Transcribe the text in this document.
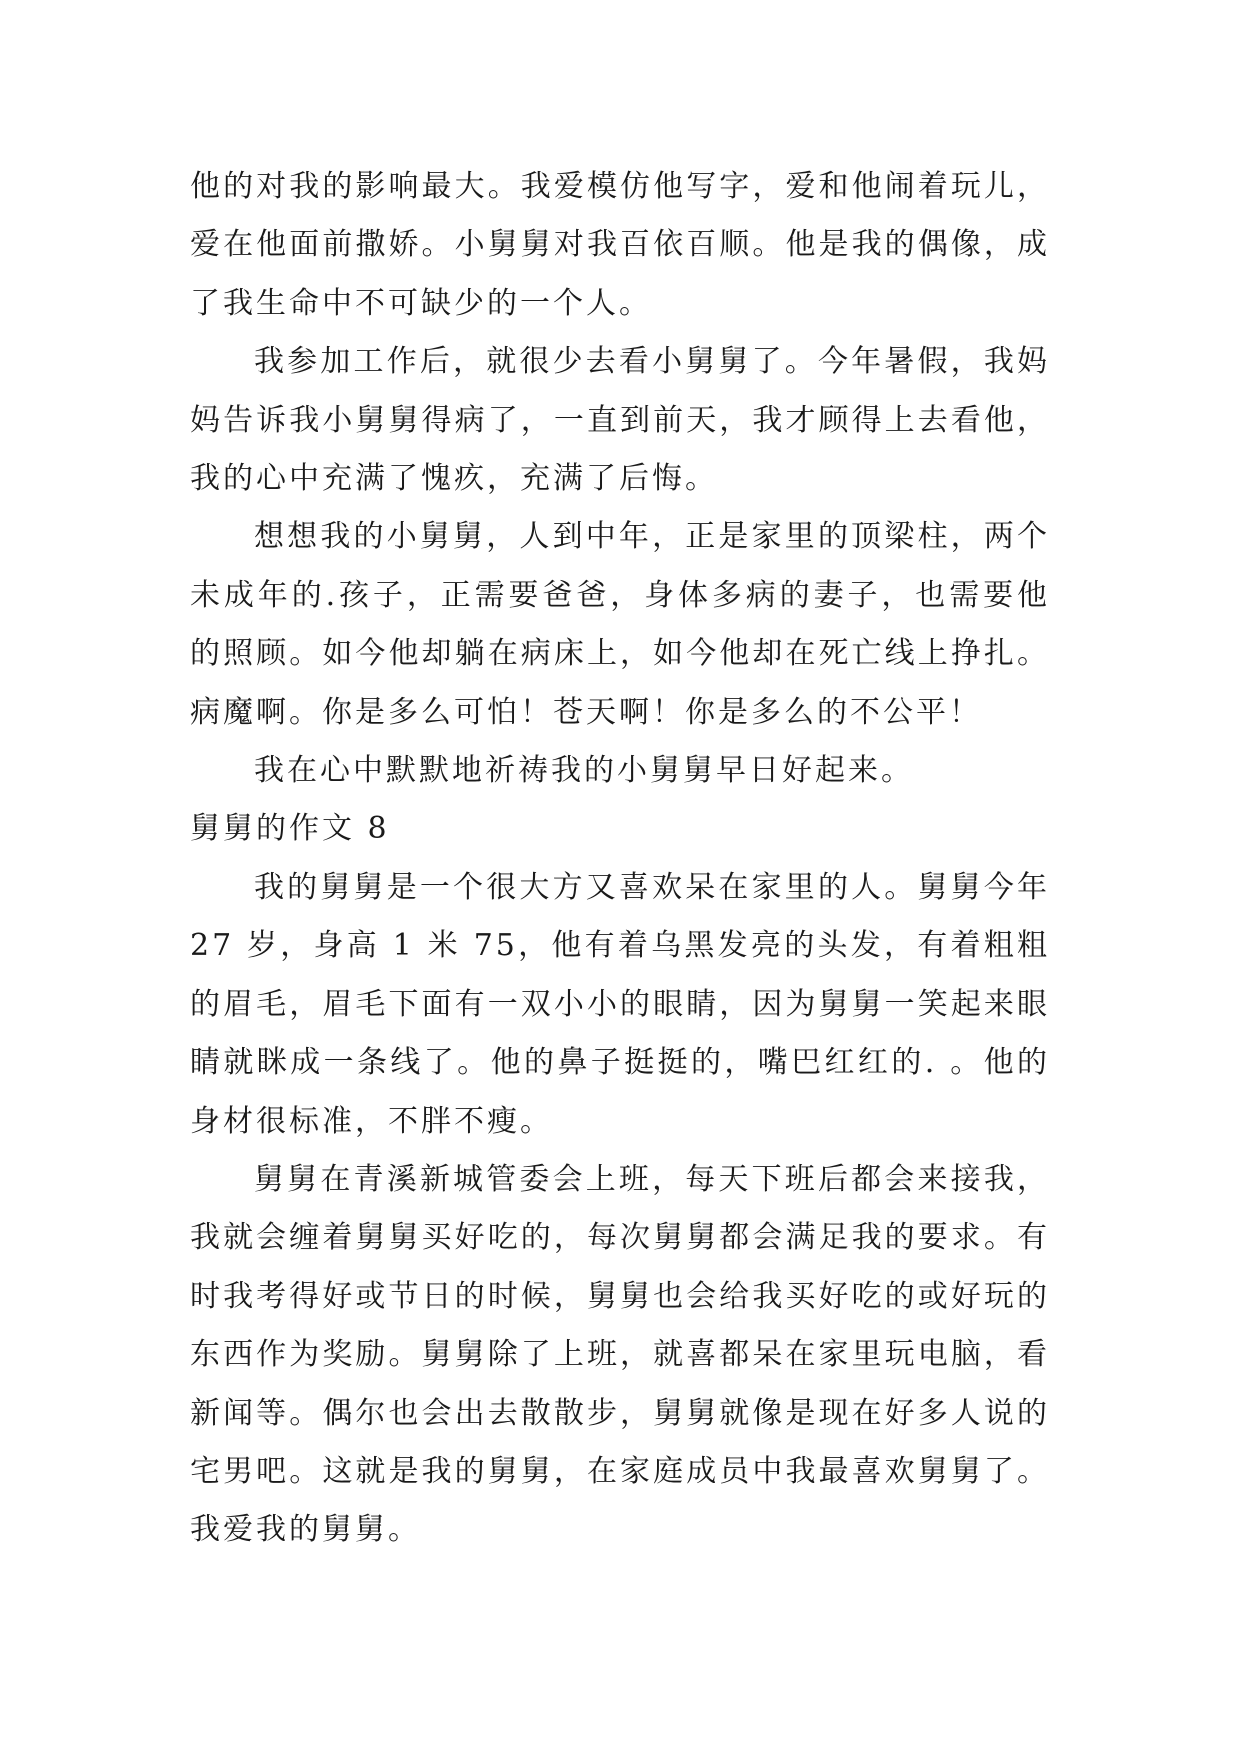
他的对我的影响最大。我爱模仿他写字，爱和他闹着玩儿，爱在他面前撒娇。小舅舅对我百依百顺。他是我的偶像，成了我生命中不可缺少的一个人。

我参加工作后，就很少去看小舅舅了。今年暑假，我妈妈告诉我小舅舅得病了，一直到前天，我才顾得上去看他，我的心中充满了愧疚，充满了后悔。

想想我的小舅舅，人到中年，正是家里的顶梁柱，两个未成年的.孩子，正需要爸爸，身体多病的妻子，也需要他的照顾。如今他却躺在病床上，如今他却在死亡线上挣扎。病魔啊。你是多么可怕！苍天啊！你是多么的不公平！

我在心中默默地祈祷我的小舅舅早日好起来。

舅舅的作文 8

我的舅舅是一个很大方又喜欢呆在家里的人。舅舅今年 27 岁，身高 1 米 75，他有着乌黑发亮的头发，有着粗粗的眉毛，眉毛下面有一双小小的眼睛，因为舅舅一笑起来眼睛就眯成一条线了。他的鼻子挺挺的，嘴巴红红的. 。他的身材很标准，不胖不瘦。

舅舅在青溪新城管委会上班，每天下班后都会来接我，我就会缠着舅舅买好吃的，每次舅舅都会满足我的要求。有时我考得好或节日的时候，舅舅也会给我买好吃的或好玩的东西作为奖励。舅舅除了上班，就喜都呆在家里玩电脑，看新闻等。偶尔也会出去散散步，舅舅就像是现在好多人说的宅男吧。这就是我的舅舅，在家庭成员中我最喜欢舅舅了。我爱我的舅舅。
